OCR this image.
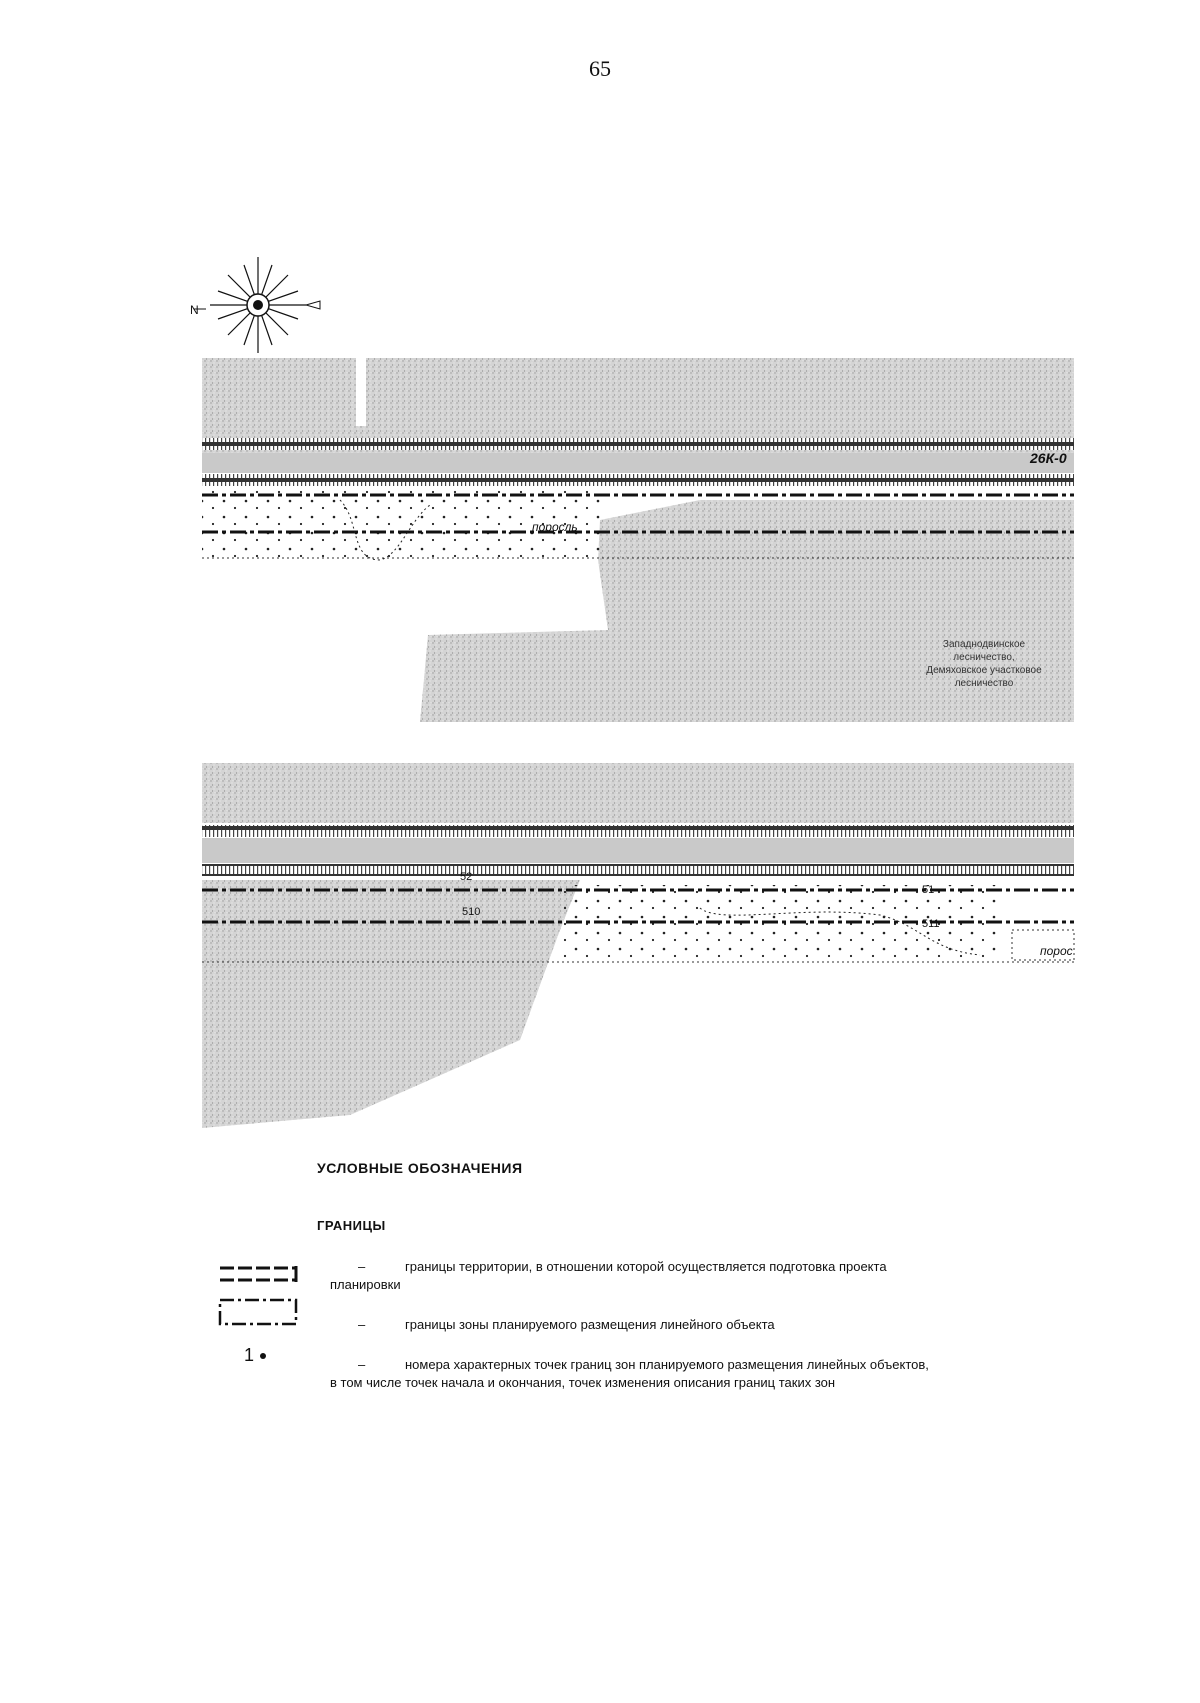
65
N
26К-0
поросль
Западнодвинское
лесничество,
Демяховское участковое
лесничество
52
510
51
511
порос
УСЛОВНЫЕ ОБОЗНАЧЕНИЯ
ГРАНИЦЫ
–	границы территории, в отношении которой осуществляется подготовка проекта
планировки
–	границы зоны планируемого размещения линейного объекта
1	–	номера характерных точек границ зон планируемого размещения линейных объектов,
в том числе точек начала и окончания, точек изменения описания границ таких зон
